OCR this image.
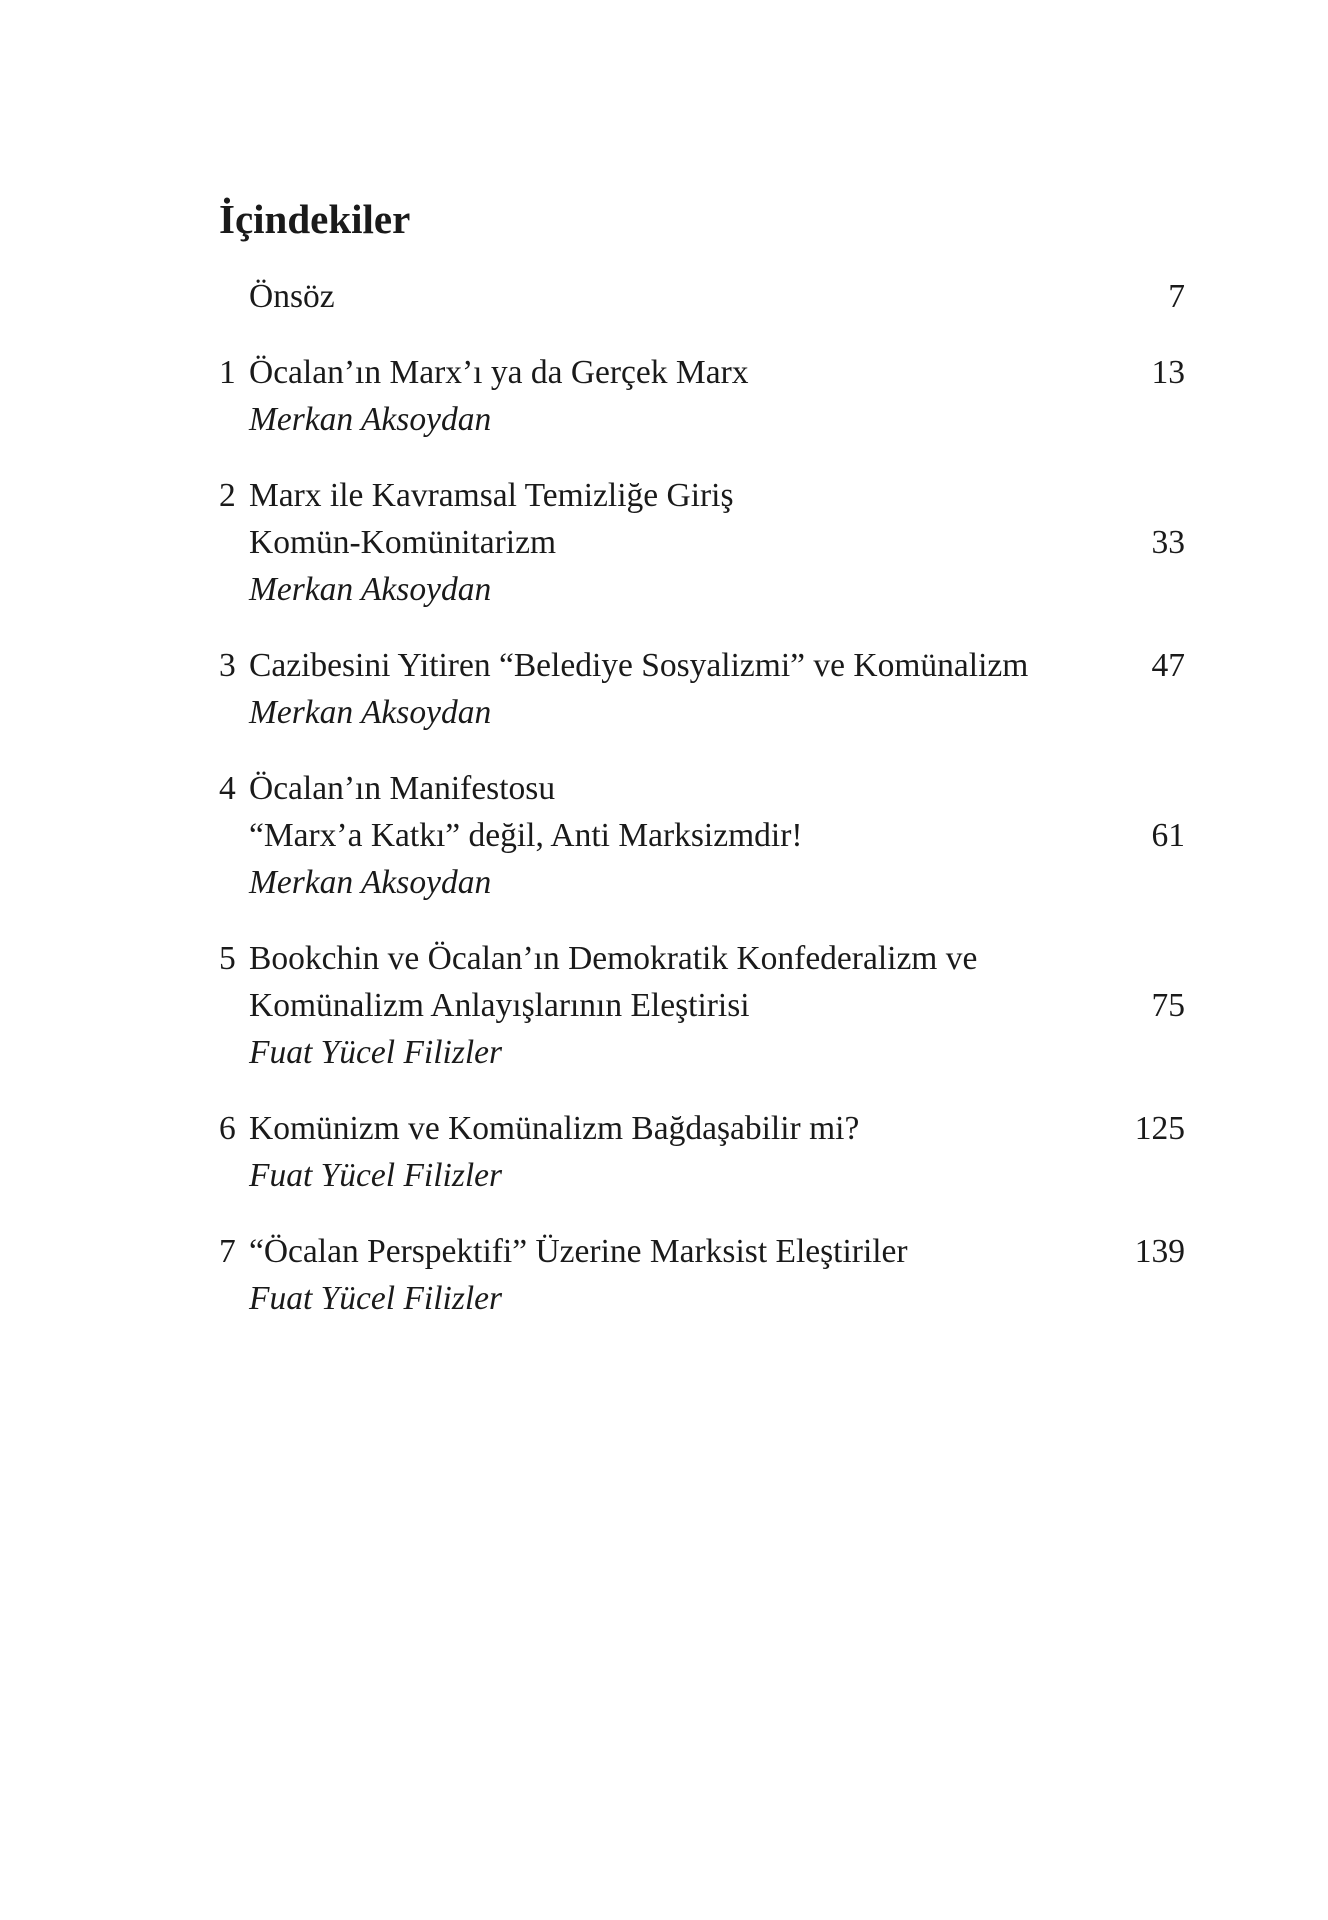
İçindekiler
Önsöz	7
1 Öcalan’ın Marx’ı ya da Gerçek Marx	13
Merkan Aksoydan
2 Marx ile Kavramsal Temizliğe Giriş
Komün-Komünitarizm	33
Merkan Aksoydan
3 Cazibesini Yitiren “Belediye Sosyalizmi” ve Komünalizm	47
Merkan Aksoydan
4 Öcalan’ın Manifestosu
“Marx’a Katkı” değil, Anti Marksizmdir!	61
Merkan Aksoydan
5 Bookchin ve Öcalan’ın Demokratik Konfederalizm ve
Komünalizm Anlayışlarının Eleştirisi	75
Fuat Yücel Filizler
6 Komünizm ve Komünalizm Bağdaşabilir mi?	125
Fuat Yücel Filizler
7 “Öcalan Perspektifi” Üzerine Marksist Eleştiriler	139
Fuat Yücel Filizler
